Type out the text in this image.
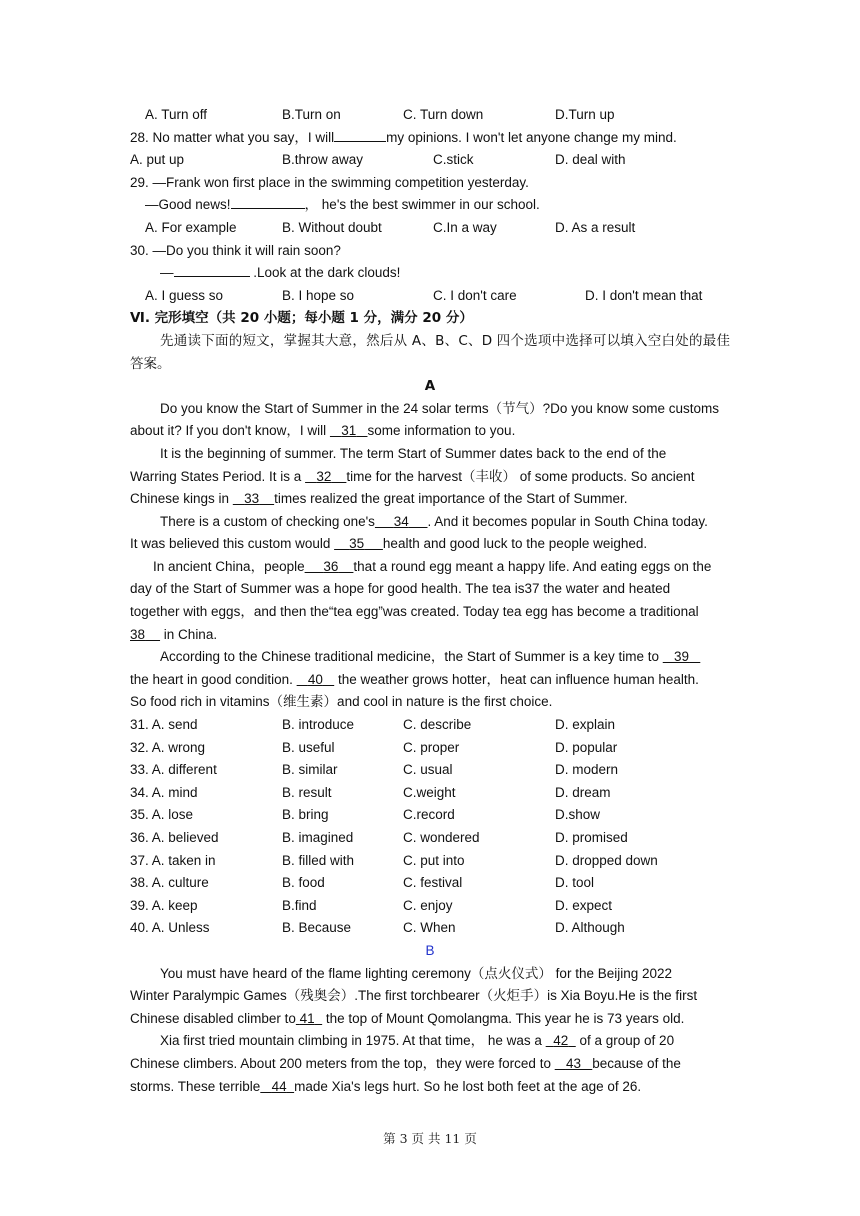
A. Turn off	B.Turn on	C. Turn down	D.Turn up
28. No matter what you say，I will	my opinions. I won't let anyone change my mind.
A. put up	B.throw away	C.stick	D. deal with
29. —Frank won first place in the swimming competition yesterday.
—Good news!	， he's the best swimmer in our school.
A. For example	B. Without doubt	C.In a way	D. As a result
30. —Do you think it will rain soon?
—	.Look at the dark clouds!
A. I guess so	B. I hope so	C. I don't care	D. I don't mean that
Ⅵ. 完形填空（共 20 小题；每小题 1 分，满分 20 分）

先通读下面的短文，掌握其大意，然后从 A、B、C、D 四个选项中选择可以填入空白处的最佳答案。

A
Do you know the Start of Summer in the 24 solar terms（节气）?Do you know some customs
about it? If you don't know，I will    31 some information to you.
It is the beginning of summer. The term Start of Summer dates back to the end of the
Warring States Period. It is a    32 time for the harvest（丰收） of some products. So ancient
Chinese kings in    33 times realized the great importance of the Start of Summer.
There is a custom of checking one's 34 . And it becomes popular in South China today.
It was believed this custom would     35 health and good luck to the people weighed.
In ancient China，people 36 that a round egg meant a happy life. And eating eggs on the
day of the Start of Summer was a hope for good health. The tea is37 the water and heated
together with eggs，and then the“tea egg”was created. Today tea egg has become a traditional
38     in China.
According to the Chinese traditional medicine，the Start of Summer is a key time to    39
the heart in good condition.    40    the weather grows hotter，heat can influence human health.
So food rich in vitamins（维生素）and cool in nature is the first choice.
31. A. send	B. introduce	C. describe	D. explain
32. A. wrong	B. useful	C. proper	D. popular
33. A. different	B. similar	C. usual	D. modern
34. A. mind	B. result	C.weight	D. dream
35. A. lose	B. bring	C.record	D.show
36. A. believed	B. imagined	C. wondered	D. promised
37. A. taken in	B. filled with	C. put into	D. dropped down
38. A. culture	B. food	C. festival	D. tool
39. A. keep	B.find	C. enjoy	D. expect
40. A. Unless	B. Because	C. When	D. Although
B
You must have heard of the flame lighting ceremony（点火仪式） for the Beijing 2022
Winter Paralympic Games（残奥会）.The first torchbearer（火炬手）is Xia Boyu.He is the first
Chinese disabled climber to 41   the top of Mount Qomolangma. This year he is 73 years old.
Xia first tried mountain climbing in 1975. At that time， he was a   42   of a group of 20
Chinese climbers. About 200 meters from the top，they were forced to    43 because of the
storms. These terrible 44 made Xia's legs hurt. So he lost both feet at the age of 26.
第 3 页 共 11 页
